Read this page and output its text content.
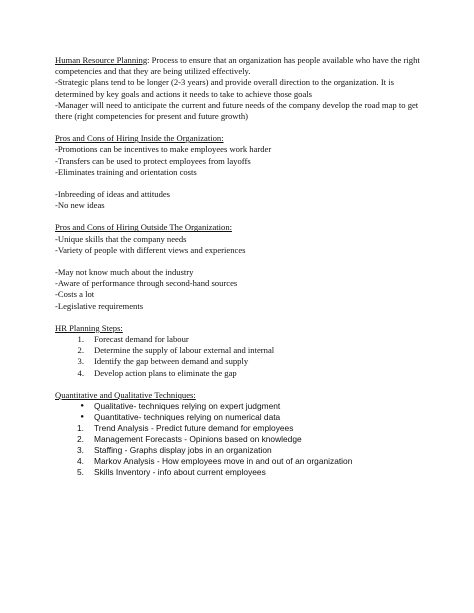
Human Resource Planning: Process to ensure that an organization has people available who have the right competencies and that they are being utilized effectively.

-Strategic plans tend to be longer (2-3 years) and provide overall direction to the organization. It is determined by key goals and actions it needs to take to achieve those goals

-Manager will need to anticipate the current and future needs of the company develop the road map to get there (right competencies for present and future growth)

Pros and Cons of Hiring Inside the Organization:

-Promotions can be incentives to make employees work harder

-Transfers can be used to protect employees from layoffs

-Eliminates training and orientation costs

-Inbreeding of ideas and attitudes

-No new ideas

Pros and Cons of Hiring Outside The Organization:

-Unique skills that the company needs

-Variety of people with different views and experiences

-May not know much about the industry

-Aware of performance through second-hand sources

-Costs a lot

-Legislative requirements

HR Planning Steps:

1.	Forecast demand for labour
2.	Determine the supply of labour external and internal
3.	Identify the gap between demand and supply
4.	Develop action plans to eliminate the gap

Quantitative and Qualitative Techniques:

●	Qualitative- techniques relying on expert judgment
●	Quantitative- techniques relying on numerical data
1.	Trend Analysis - Predict future demand for employees
2.	Management Forecasts - Opinions based on knowledge
3.	Staffing - Graphs display jobs in an organization
4.	Markov Analysis - How employees move in and out of an organization
5.	Skills Inventory - info about current employees
